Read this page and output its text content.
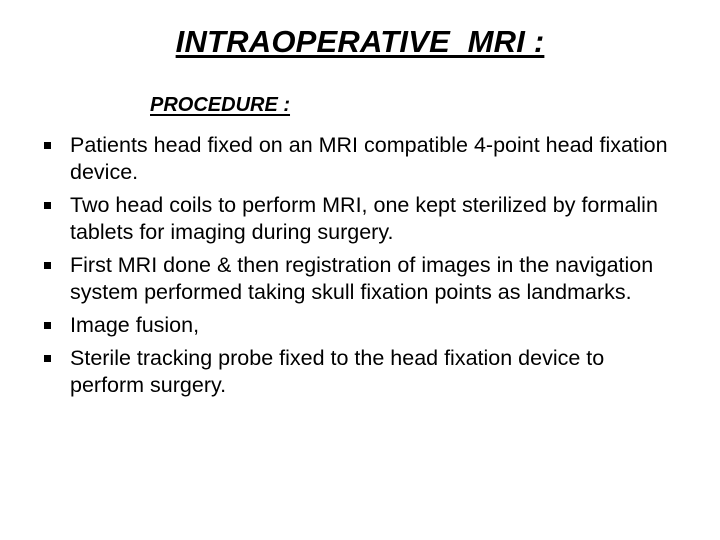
INTRAOPERATIVE  MRI :
PROCEDURE :
Patients head fixed on an MRI compatible 4-point head fixation device.
Two head coils to perform MRI, one kept sterilized by formalin tablets for imaging during surgery.
First MRI done & then registration of images in the navigation system performed taking skull fixation points as landmarks.
Image fusion,
Sterile tracking probe fixed to the head fixation device to perform surgery.
